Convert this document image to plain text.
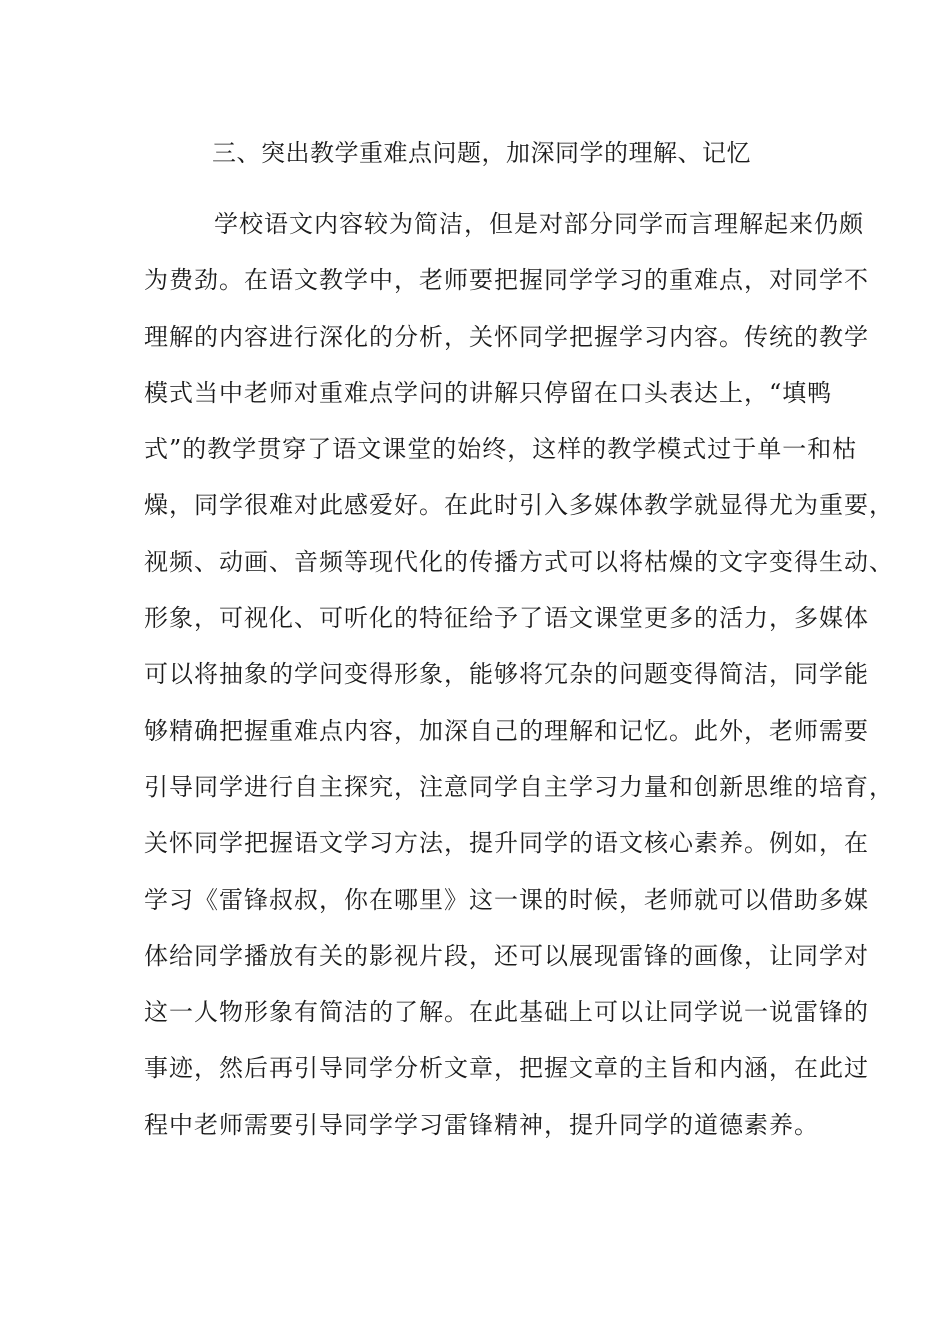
三、突出教学重难点问题，加深同学的理解、记忆
学校语文内容较为简洁，但是对部分同学而言理解起来仍颇
为费劲。在语文教学中，老师要把握同学学习的重难点，对同学不
理解的内容进行深化的分析，关怀同学把握学习内容。传统的教学
模式当中老师对重难点学问的讲解只停留在口头表达上，“填鸭
式”的教学贯穿了语文课堂的始终，这样的教学模式过于单一和枯
燥，同学很难对此感爱好。在此时引入多媒体教学就显得尤为重要，
视频、动画、音频等现代化的传播方式可以将枯燥的文字变得生动、
形象，可视化、可听化的特征给予了语文课堂更多的活力，多媒体
可以将抽象的学问变得形象，能够将冗杂的问题变得简洁，同学能
够精确把握重难点内容，加深自己的理解和记忆。此外，老师需要
引导同学进行自主探究，注意同学自主学习力量和创新思维的培育，
关怀同学把握语文学习方法，提升同学的语文核心素养。例如，在
学习《雷锋叔叔，你在哪里》这一课的时候，老师就可以借助多媒
体给同学播放有关的影视片段，还可以展现雷锋的画像，让同学对
这一人物形象有简洁的了解。在此基础上可以让同学说一说雷锋的
事迹，然后再引导同学分析文章，把握文章的主旨和内涵，在此过
程中老师需要引导同学学习雷锋精神，提升同学的道德素养。
